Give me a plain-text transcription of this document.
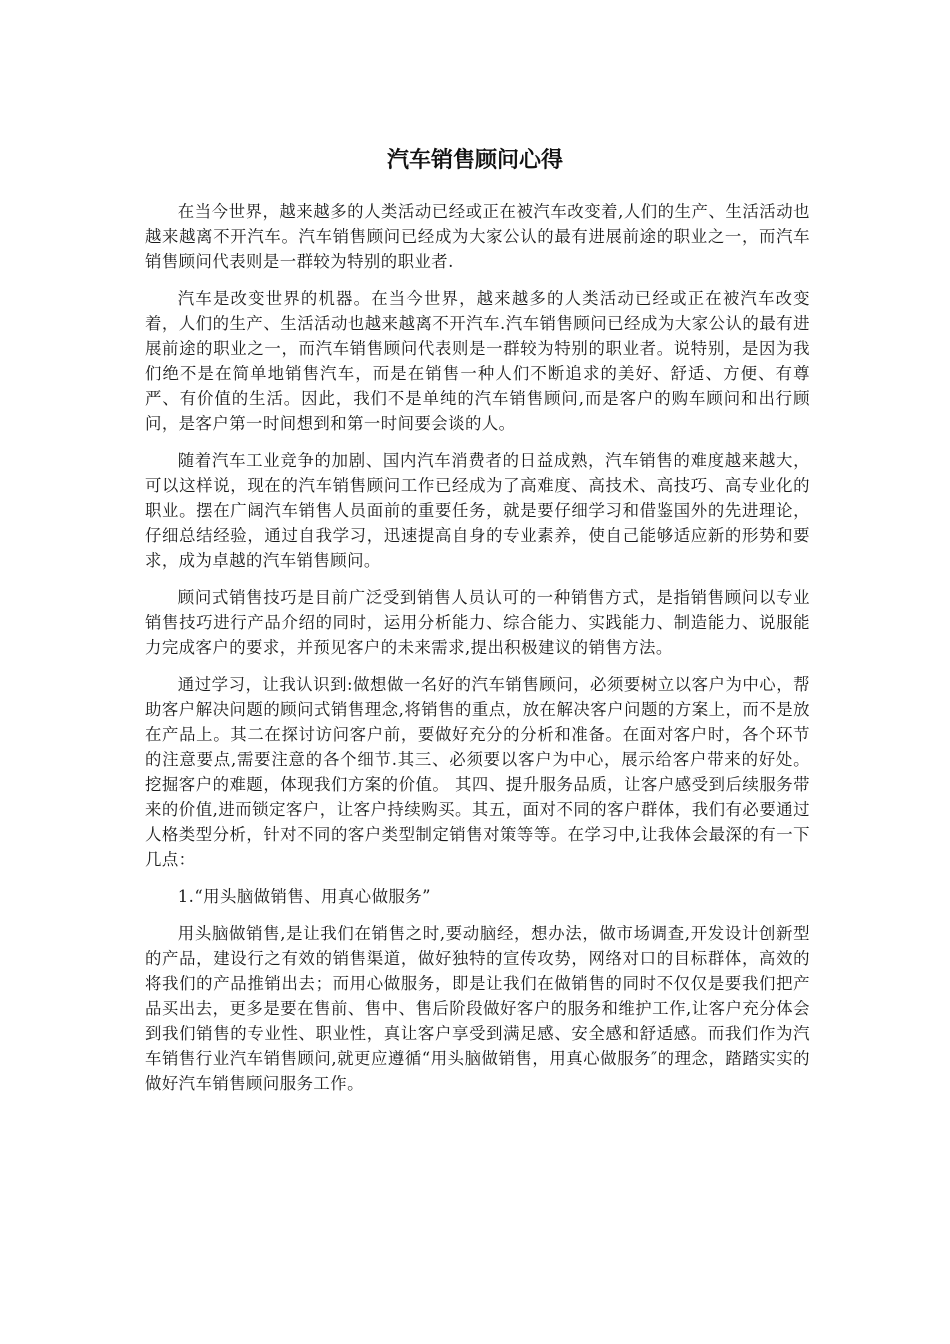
汽车销售顾问心得

在当今世界，越来越多的人类活动已经或正在被汽车改变着,人们的生产、生活活动也越来越离不开汽车。汽车销售顾问已经成为大家公认的最有进展前途的职业之一，而汽车销售顾问代表则是一群较为特别的职业者.

汽车是改变世界的机器。在当今世界，越来越多的人类活动已经或正在被汽车改变着，人们的生产、生活活动也越来越离不开汽车.汽车销售顾问已经成为大家公认的最有进展前途的职业之一，而汽车销售顾问代表则是一群较为特别的职业者。说特别，是因为我们绝不是在简单地销售汽车，而是在销售一种人们不断追求的美好、舒适、方便、有尊严、有价值的生活。因此，我们不是单纯的汽车销售顾问,而是客户的购车顾问和出行顾问，是客户第一时间想到和第一时间要会谈的人。

随着汽车工业竞争的加剧、国内汽车消费者的日益成熟，汽车销售的难度越来越大，可以这样说，现在的汽车销售顾问工作已经成为了高难度、高技术、高技巧、高专业化的职业。摆在广阔汽车销售人员面前的重要任务，就是要仔细学习和借鉴国外的先进理论，仔细总结经验，通过自我学习，迅速提高自身的专业素养，使自己能够适应新的形势和要求，成为卓越的汽车销售顾问。

顾问式销售技巧是目前广泛受到销售人员认可的一种销售方式，是指销售顾问以专业销售技巧进行产品介绍的同时，运用分析能力、综合能力、实践能力、制造能力、说服能力完成客户的要求，并预见客户的未来需求,提出积极建议的销售方法。

通过学习，让我认识到:做想做一名好的汽车销售顾问，必须要树立以客户为中心，帮助客户解决问题的顾问式销售理念,将销售的重点，放在解决客户问题的方案上，而不是放在产品上。其二在探讨访问客户前，要做好充分的分析和准备。在面对客户时，各个环节的注意要点,需要注意的各个细节.其三、必须要以客户为中心，展示给客户带来的好处。挖掘客户的难题，体现我们方案的价值。 其四、提升服务品质，让客户感受到后续服务带来的价值,进而锁定客户，让客户持续购买。其五，面对不同的客户群体，我们有必要通过人格类型分析，针对不同的客户类型制定销售对策等等。在学习中,让我体会最深的有一下几点：

1.“用头脑做销售、用真心做服务”

用头脑做销售,是让我们在销售之时,要动脑经，想办法，做市场调查,开发设计创新型的产品，建设行之有效的销售渠道，做好独特的宣传攻势，网络对口的目标群体，高效的将我们的产品推销出去；而用心做服务，即是让我们在做销售的同时不仅仅是要我们把产品买出去，更多是要在售前、售中、售后阶段做好客户的服务和维护工作,让客户充分体会到我们销售的专业性、职业性，真让客户享受到满足感、安全感和舒适感。而我们作为汽车销售行业汽车销售顾问,就更应遵循“用头脑做销售，用真心做服务″的理念，踏踏实实的做好汽车销售顾问服务工作。
